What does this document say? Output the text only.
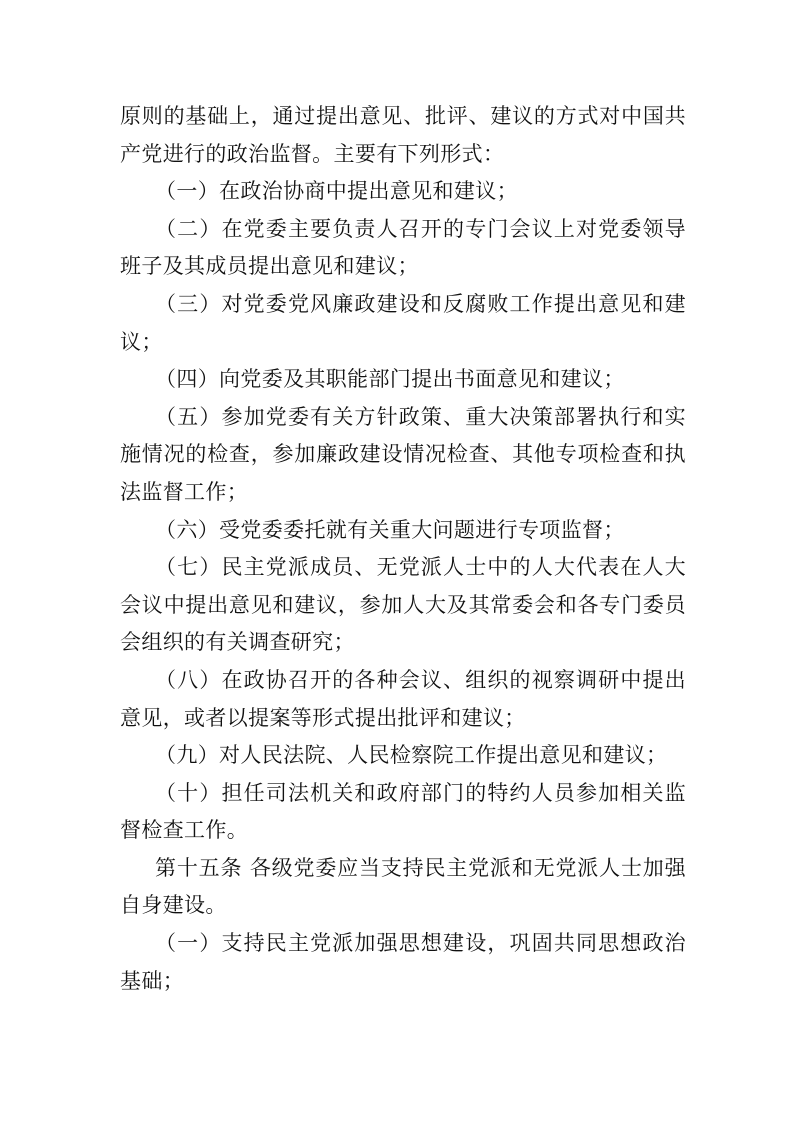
原则的基础上，通过提出意见、批评、建议的方式对中国共产党进行的政治监督。主要有下列形式：

（一）在政治协商中提出意见和建议；

（二）在党委主要负责人召开的专门会议上对党委领导班子及其成员提出意见和建议；

（三）对党委党风廉政建设和反腐败工作提出意见和建议；

（四）向党委及其职能部门提出书面意见和建议；

（五）参加党委有关方针政策、重大决策部署执行和实施情况的检查，参加廉政建设情况检查、其他专项检查和执法监督工作；

（六）受党委委托就有关重大问题进行专项监督；

（七）民主党派成员、无党派人士中的人大代表在人大会议中提出意见和建议，参加人大及其常委会和各专门委员会组织的有关调查研究；

（八）在政协召开的各种会议、组织的视察调研中提出意见，或者以提案等形式提出批评和建议；

（九）对人民法院、人民检察院工作提出意见和建议；

（十）担任司法机关和政府部门的特约人员参加相关监督检查工作。

第十五条 各级党委应当支持民主党派和无党派人士加强自身建设。

（一）支持民主党派加强思想建设，巩固共同思想政治基础；
